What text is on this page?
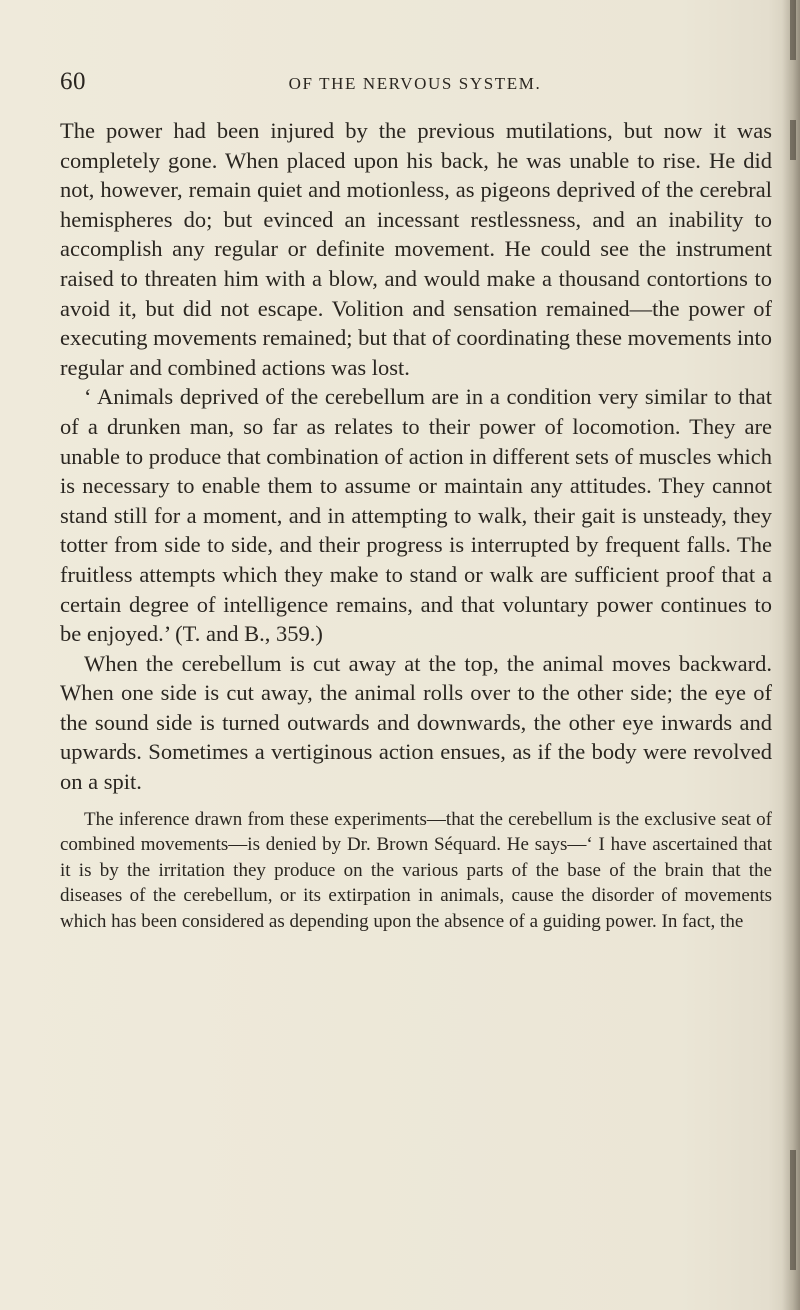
60	OF THE NERVOUS SYSTEM.

The power had been injured by the previous mutilations, but now it was completely gone. When placed upon his back, he was unable to rise. He did not, however, remain quiet and motionless, as pigeons deprived of the cerebral hemispheres do; but evinced an incessant restlessness, and an inability to accomplish any regular or definite movement. He could see the instrument raised to threaten him with a blow, and would make a thousand contortions to avoid it, but did not escape. Volition and sensation remained—the power of executing movements remained; but that of coordinating these movements into regular and combined actions was lost.

‘ Animals deprived of the cerebellum are in a condition very similar to that of a drunken man, so far as relates to their power of locomotion. They are unable to produce that combination of action in different sets of muscles which is necessary to enable them to assume or maintain any attitudes. They cannot stand still for a moment, and in attempting to walk, their gait is unsteady, they totter from side to side, and their progress is interrupted by frequent falls. The fruitless attempts which they make to stand or walk are sufficient proof that a certain degree of intelligence remains, and that voluntary power continues to be enjoyed.’ (T. and B., 359.)

When the cerebellum is cut away at the top, the animal moves backward. When one side is cut away, the animal rolls over to the other side; the eye of the sound side is turned outwards and downwards, the other eye inwards and upwards. Sometimes a vertiginous action ensues, as if the body were revolved on a spit.

The inference drawn from these experiments—that the cerebellum is the exclusive seat of combined movements—is denied by Dr. Brown Séquard. He says—‘ I have ascertained that it is by the irritation they produce on the various parts of the base of the brain that the diseases of the cerebellum, or its extirpation in animals, cause the disorder of movements which has been considered as depending upon the absence of a guiding power. In fact, the
